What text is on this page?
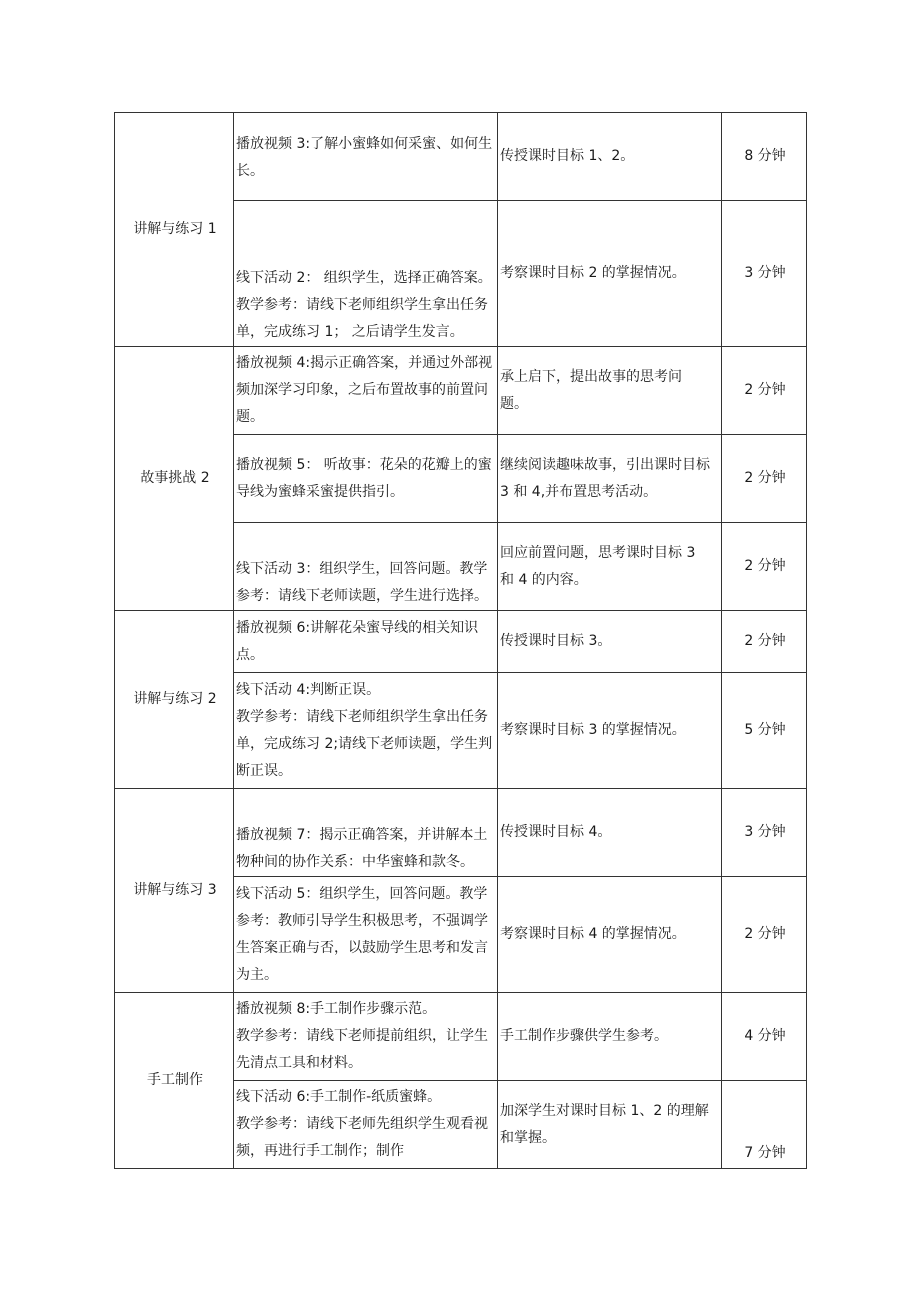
讲解与练习 1	播放视频 3:了解小蜜蜂如何采蜜、如何生
长。	传授课时目标 1、2。	8 分钟

	线下活动 2： 组织学生，选择正确答案。
教学参考：请线下老师组织学生拿出任务
单，完成练习 1； 之后请学生发言。	考察课时目标 2 的掌握情况。	3 分钟
故事挑战 2	播放视频 4:揭示正确答案，并通过外部视
频加深学习印象，之后布置故事的前置问
题。	承上启下，提出故事的思考问
题。	2 分钟

	播放视频 5： 听故事：花朵的花瓣上的蜜
导线为蜜蜂采蜜提供指引。	继续阅读趣味故事，引出课时目标
3 和 4,并布置思考活动。	2 分钟

	线下活动 3：组织学生，回答问题。教学
参考：请线下老师读题，学生进行选择。	回应前置问题，思考课时目标 3
和 4 的内容。	2 分钟
讲解与练习 2	播放视频 6:讲解花朵蜜导线的相关知识
点。	传授课时目标 3。	2 分钟

	线下活动 4:判断正误。
教学参考：请线下老师组织学生拿出任务
单，完成练习 2;请线下老师读题，学生判
断正误。	考察课时目标 3 的掌握情况。	5 分钟
讲解与练习 3	播放视频 7：揭示正确答案，并讲解本土
物种间的协作关系：中华蜜蜂和款冬。	传授课时目标 4。	3 分钟

	线下活动 5：组织学生，回答问题。教学
参考：教师引导学生积极思考，不强调学
生答案正确与否，以鼓励学生思考和发言
为主。	考察课时目标 4 的掌握情况。	2 分钟
手工制作	播放视频 8:手工制作步骤示范。
教学参考：请线下老师提前组织，让学生
先清点工具和材料。	手工制作步骤供学生参考。	4 分钟

	线下活动 6:手工制作-纸质蜜蜂。
教学参考：请线下老师先组织学生观看视
频，再进行手工制作；制作	加深学生对课时目标 1、2 的理解
和掌握。	7 分钟
